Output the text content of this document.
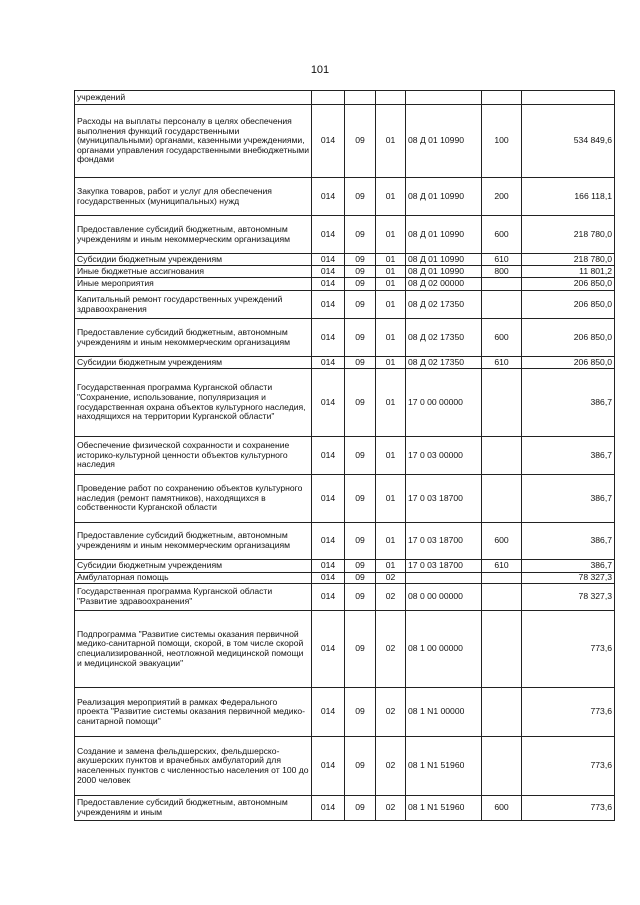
101
учреждений						
Расходы на выплаты персоналу в целях обеспечения выполнения функций государственными (муниципальными) органами, казенными учреждениями, органами управления государственными внебюджетными фондами	014	09	01	08 Д 01 10990	100	534 849,6
Закупка товаров, работ и услуг для обеспечения государственных (муниципальных) нужд	014	09	01	08 Д 01 10990	200	166 118,1
Предоставление субсидий бюджетным, автономным учреждениям и иным некоммерческим организациям	014	09	01	08 Д 01 10990	600	218 780,0
Субсидии бюджетным учреждениям	014	09	01	08 Д 01 10990	610	218 780,0
Иные бюджетные ассигнования	014	09	01	08 Д 01 10990	800	11 801,2
Иные мероприятия	014	09	01	08 Д 02 00000		206 850,0
Капитальный ремонт государственных учреждений здравоохранения	014	09	01	08 Д 02 17350		206 850,0
Предоставление субсидий бюджетным, автономным учреждениям и иным некоммерческим организациям	014	09	01	08 Д 02 17350	600	206 850,0
Субсидии бюджетным учреждениям	014	09	01	08 Д 02 17350	610	206 850,0
Государственная программа Курганской области "Сохранение, использование, популяризация и государственная охрана объектов культурного наследия, находящихся на территории Курганской области"	014	09	01	17 0 00 00000		386,7
Обеспечение физической сохранности и сохранение историко-культурной ценности объектов культурного наследия	014	09	01	17 0 03 00000		386,7
Проведение работ по сохранению объектов культурного наследия (ремонт памятников), находящихся в собственности Курганской области	014	09	01	17 0 03 18700		386,7
Предоставление субсидий бюджетным, автономным учреждениям и иным некоммерческим организациям	014	09	01	17 0 03 18700	600	386,7
Субсидии бюджетным учреждениям	014	09	01	17 0 03 18700	610	386,7
Амбулаторная помощь	014	09	02			78 327,3
Государственная программа Курганской области "Развитие здравоохранения"	014	09	02	08 0 00 00000		78 327,3
Подпрограмма "Развитие системы оказания первичной медико-санитарной помощи, скорой, в том числе скорой специализированной, неотложной медицинской помощи и медицинской эвакуации"	014	09	02	08 1 00 00000		773,6
Реализация мероприятий в рамках Федерального проекта "Развитие системы оказания первичной медико-санитарной помощи"	014	09	02	08 1 N1 00000		773,6
Создание и замена фельдшерских, фельдшерско-акушерских пунктов и врачебных амбулаторий для населенных пунктов с численностью населения от 100 до 2000 человек	014	09	02	08 1 N1 51960		773,6
Предоставление субсидий бюджетным, автономным учреждениям и иным	014	09	02	08 1 N1 51960	600	773,6
